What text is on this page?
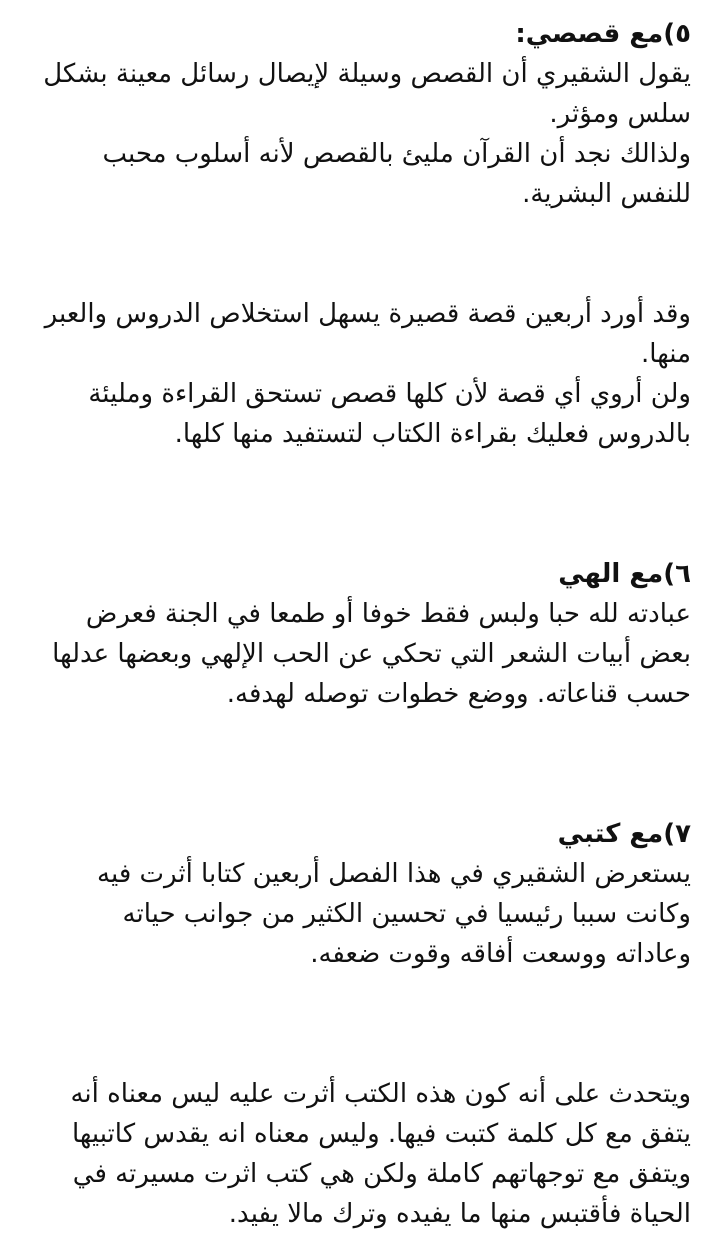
٥)مع قصصي:

يقول الشقيري أن القصص وسيلة لإيصال رسائل معينة بشكل

سلس ومؤثر.

ولذالك نجد أن القرآن مليئ بالقصص لأنه أسلوب محبب

للنفس البشرية.

وقد أورد أربعين قصة قصيرة يسهل استخلاص الدروس والعبر

منها.

ولن أروي أي قصة لأن كلها قصص تستحق القراءة ومليئة

بالدروس فعليك بقراءة الكتاب لتستفيد منها كلها.

٦)مع الهي

عبادته لله حبا ولبس فقط خوفا أو طمعا في الجنة فعرض

بعض أبيات الشعر التي تحكي عن الحب الإلهي وبعضها عدلها

حسب قناعاته. ووضع خطوات توصله لهدفه.

٧)مع كتبي

يستعرض الشقيري في هذا الفصل أربعين كتابا أثرت فيه

وكانت سببا رئيسيا في تحسين الكثير من جوانب حياته

وعاداته ووسعت أفاقه وقوت ضعفه.

ويتحدث على أنه كون هذه الكتب أثرت عليه ليس معناه أنه

يتفق مع كل كلمة كتبت فيها. وليس معناه انه يقدس كاتبيها

ويتفق مع توجهاتهم كاملة ولكن هي كتب اثرت مسيرته في

الحياة فأقتبس منها ما يفيده وترك مالا يفيد.
